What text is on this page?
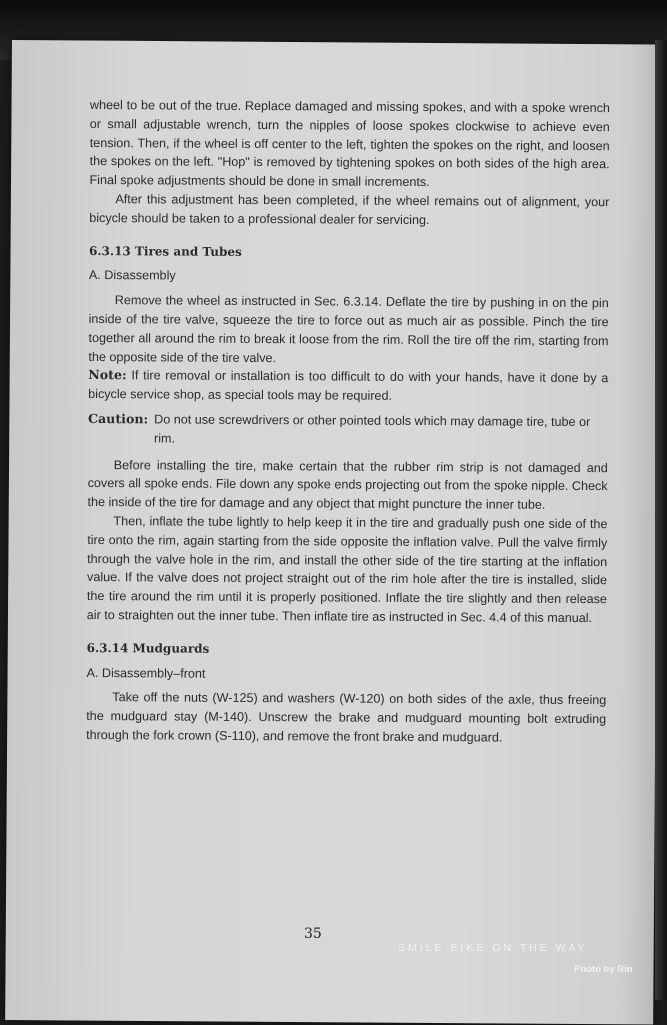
wheel to be out of the true. Replace damaged and missing spokes, and with a spoke wrench or small adjustable wrench, turn the nipples of loose spokes clockwise to achieve even tension. Then, if the wheel is off center to the left, tighten the spokes on the right, and loosen the spokes on the left. "Hop" is removed by tightening spokes on both sides of the high area. Final spoke adjustments should be done in small increments.

After this adjustment has been completed, if the wheel remains out of alignment, your bicycle should be taken to a professional dealer for servicing.

6.3.13 Tires and Tubes
A. Disassembly

Remove the wheel as instructed in Sec. 6.3.14. Deflate the tire by pushing in on the pin inside of the tire valve, squeeze the tire to force out as much air as possible. Pinch the tire together all around the rim to break it loose from the rim. Roll the tire off the rim, starting from the opposite side of the tire valve.

Note: If tire removal or installation is too difficult to do with your hands, have it done by a bicycle service shop, as special tools may be required.

Caution: Do not use screwdrivers or other pointed tools which may damage tire, tube or rim.

Before installing the tire, make certain that the rubber rim strip is not damaged and covers all spoke ends. File down any spoke ends projecting out from the spoke nipple. Check the inside of the tire for damage and any object that might puncture the inner tube.

Then, inflate the tube lightly to help keep it in the tire and gradually push one side of the tire onto the rim, again starting from the side opposite the inflation valve. Pull the valve firmly through the valve hole in the rim, and install the other side of the tire starting at the inflation value. If the valve does not project straight out of the rim hole after the tire is installed, slide the tire around the rim until it is properly positioned. Inflate the tire slightly and then release air to straighten out the inner tube. Then inflate tire as instructed in Sec. 4.4 of this manual.

6.3.14 Mudguards
A. Disassembly–front

Take off the nuts (W-125) and washers (W-120) on both sides of the axle, thus freeing the mudguard stay (M-140). Unscrew the brake and mudguard mounting bolt extruding through the fork crown (S-110), and remove the front brake and mudguard.

35
SMILE BIKE ON THE WAY
Photo by Rin
